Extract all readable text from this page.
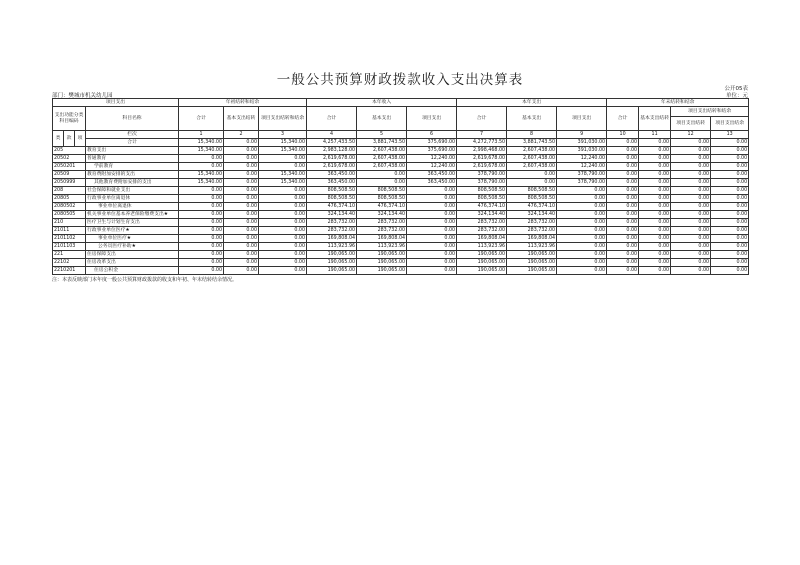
一般公共预算财政拨款收入支出决算表
公开05表
部门：樊城市机关幼儿园	单位：元
项目支出				年初结转和结余			本年收入			本年支出			年末结转和结余			
支出功能分类科目编码			科目名称	合计	基本支出结转	项目支出结转和结余	合计	基本支出	项目支出	合计	基本支出	项目支出	合计	基本支出结转	项目支出结转和结余	
															项目支出结转	项目支出结余
类	款	项	栏次	1	2	3	4	5	6	7	8	9	10	11	12	13
			合计	15,340.00	0.00	15,340.00	4,257,433.50	3,881,743.50	375,690.00	4,272,773.50	3,881,743.50	391,030.00	0.00	0.00	0.00	0.00
205			教育支出	15,340.00	0.00	15,340.00	2,983,128.00	2,607,438.00	375,690.00	2,998,468.00	2,607,438.00	391,030.00	0.00	0.00	0.00	0.00
20502			普通教育	0.00	0.00	0.00	2,619,678.00	2,607,438.00	12,240.00	2,619,678.00	2,607,438.00	12,240.00	0.00	0.00	0.00	0.00
2050201			学前教育	0.00	0.00	0.00	2,619,678.00	2,607,438.00	12,240.00	2,619,678.00	2,607,438.00	12,240.00	0.00	0.00	0.00	0.00
20509			教育费附加安排的支出	15,340.00	0.00	15,340.00	363,450.00	0.00	363,450.00	378,790.00	0.00	378,790.00	0.00	0.00	0.00	0.00
2050999			其他教育费附加安排的支出	15,340.00	0.00	15,340.00	363,450.00	0.00	363,450.00	378,790.00	0.00	378,790.00	0.00	0.00	0.00	0.00
208			社会保障和就业支出	0.00	0.00	0.00	808,508.50	808,508.50	0.00	808,508.50	808,508.50	0.00	0.00	0.00	0.00	0.00
20805			行政事业单位离退休	0.00	0.00	0.00	808,508.50	808,508.50	0.00	808,508.50	808,508.50	0.00	0.00	0.00	0.00	0.00
2080502			事业单位离退休	0.00	0.00	0.00	476,374.10	476,374.10	0.00	476,374.10	476,374.10	0.00	0.00	0.00	0.00	0.00
2080505			机关事业单位基本养老保险缴费支出★	0.00	0.00	0.00	324,134.40	324,134.40	0.00	324,134.40	324,134.40	0.00	0.00	0.00	0.00	0.00
210			医疗卫生与计划生育支出	0.00	0.00	0.00	283,732.00	283,732.00	0.00	283,732.00	283,732.00	0.00	0.00	0.00	0.00	0.00
21011			行政事业单位医疗★	0.00	0.00	0.00	283,732.00	283,732.00	0.00	283,732.00	283,732.00	0.00	0.00	0.00	0.00	0.00
2101102			事业单位医疗★	0.00	0.00	0.00	169,808.04	169,808.04	0.00	169,808.04	169,808.04	0.00	0.00	0.00	0.00	0.00
2101103			公务员医疗补助★	0.00	0.00	0.00	113,923.96	113,923.96	0.00	113,923.96	113,923.96	0.00	0.00	0.00	0.00	0.00
221			住房保障支出	0.00	0.00	0.00	190,065.00	190,065.00	0.00	190,065.00	190,065.00	0.00	0.00	0.00	0.00	0.00
22102			住房改革支出	0.00	0.00	0.00	190,065.00	190,065.00	0.00	190,065.00	190,065.00	0.00	0.00	0.00	0.00	0.00
2210201			住房公积金	0.00	0.00	0.00	190,065.00	190,065.00	0.00	190,065.00	190,065.00	0.00	0.00	0.00	0.00	0.00
注：本表反映部门本年度一般公共预算财政拨款的收支和年初、年末结转结余情况。
